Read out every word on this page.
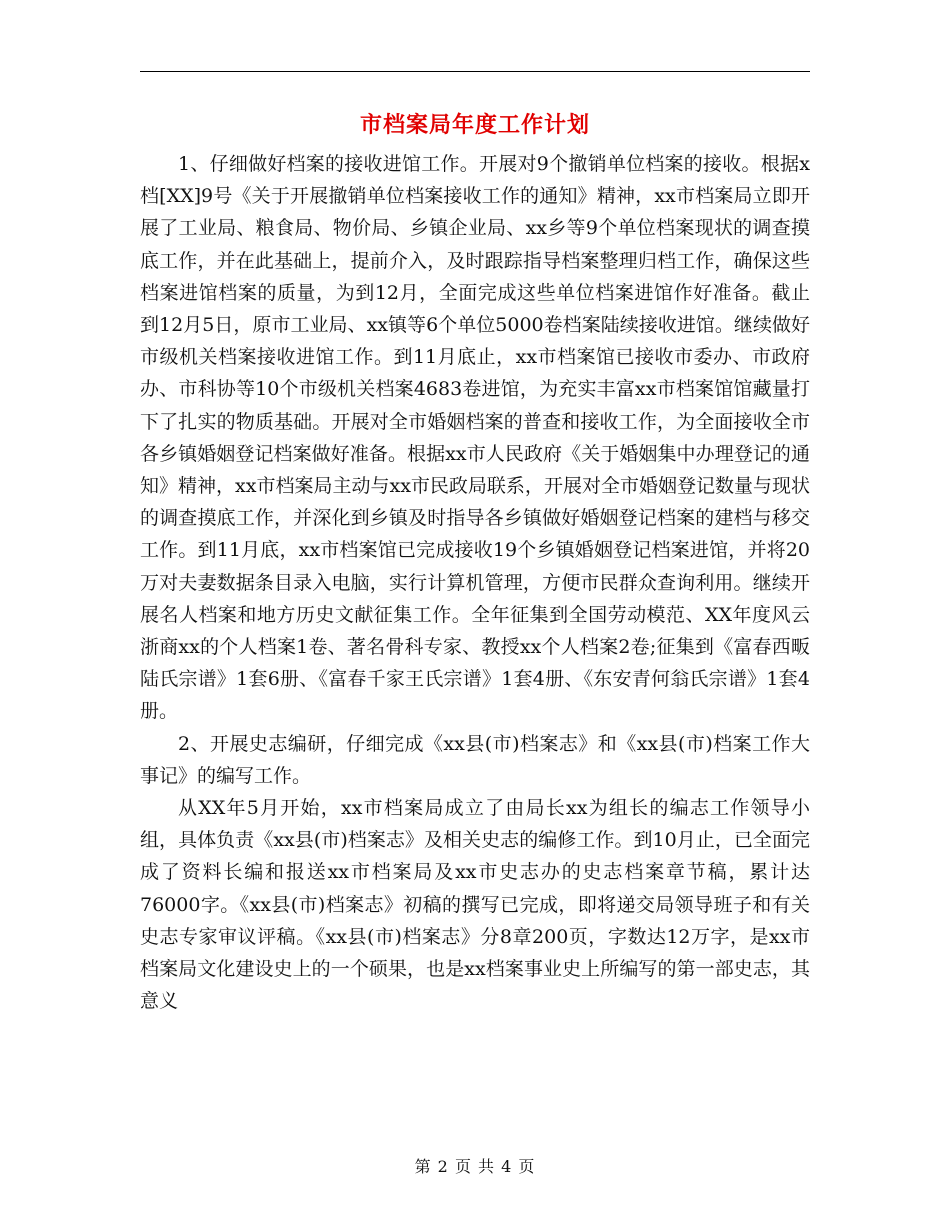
市档案局年度工作计划

1、仔细做好档案的接收进馆工作。开展对9个撤销单位档案的接收。根据x档[XX]9号《关于开展撤销单位档案接收工作的通知》精神，xx市档案局立即开展了工业局、粮食局、物价局、乡镇企业局、xx乡等9个单位档案现状的调查摸底工作，并在此基础上，提前介入，及时跟踪指导档案整理归档工作，确保这些档案进馆档案的质量，为到12月，全面完成这些单位档案进馆作好准备。截止到12月5日，原市工业局、xx镇等6个单位5000卷档案陆续接收进馆。继续做好市级机关档案接收进馆工作。到11月底止，xx市档案馆已接收市委办、市政府办、市科协等10个市级机关档案4683卷进馆，为充实丰富xx市档案馆馆藏量打下了扎实的物质基础。开展对全市婚姻档案的普查和接收工作，为全面接收全市各乡镇婚姻登记档案做好准备。根据xx市人民政府《关于婚姻集中办理登记的通知》精神，xx市档案局主动与xx市民政局联系，开展对全市婚姻登记数量与现状的调查摸底工作，并深化到乡镇及时指导各乡镇做好婚姻登记档案的建档与移交工作。到11月底，xx市档案馆已完成接收19个乡镇婚姻登记档案进馆，并将20万对夫妻数据条目录入电脑，实行计算机管理，方便市民群众查询利用。继续开展名人档案和地方历史文献征集工作。全年征集到全国劳动模范、XX年度风云浙商xx的个人档案1卷、著名骨科专家、教授xx个人档案2卷;征集到《富春西畈陆氏宗谱》1套6册、《富春千家王氏宗谱》1套4册、《东安青何翁氏宗谱》1套4册。

2、开展史志编研，仔细完成《xx县(市)档案志》和《xx县(市)档案工作大事记》的编写工作。

从XX年5月开始，xx市档案局成立了由局长xx为组长的编志工作领导小组，具体负责《xx县(市)档案志》及相关史志的编修工作。到10月止，已全面完成了资料长编和报送xx市档案局及xx市史志办的史志档案章节稿，累计达76000字。《xx县(市)档案志》初稿的撰写已完成，即将递交局领导班子和有关史志专家审议评稿。《xx县(市)档案志》分8章200页，字数达12万字，是xx市档案局文化建设史上的一个硕果，也是xx档案事业史上所编写的第一部史志，其意义

第 2 页 共 4 页
